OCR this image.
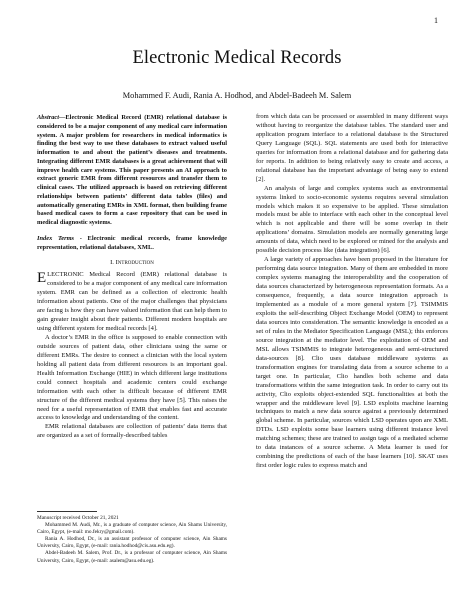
1
Electronic Medical Records
Mohammed F. Audi, Rania A. Hodhod, and Abdel-Badeeh M. Salem
Abstract—Electronic Medical Record (EMR) relational database is considered to be a major component of any medical care information system. A major problem for researchers in medical informatics is finding the best way to use these databases to extract valued useful information to and about the patient’s diseases and treatments. Integrating different EMR databases is a great achievement that will improve health care systems. This paper presents an AI approach to extract generic EMR from different resources and transfer them to clinical cases. The utilized approach is based on retrieving different relationships between patients’ different data tables (files) and automatically generating EMRs in XML format, then building frame based medical cases to form a case repository that can be used in medical diagnostic systems.
Index Terms - Electronic medical records, frame knowledge representation, relational databases, XML.
I. Introduction

ELECTRONIC Medical Record (EMR) relational database is considered to be a major component of any medical care information system. EMR can be defined as a collection of electronic health information about patients. One of the major challenges that physicians are facing is how they can have valued information that can help them to gain greater insight about their patients. Different modern hospitals are using different system for medical records [4].

A doctor’s EMR in the office is supposed to enable connection with outside sources of patient data, other clinicians using the same or different EMRs. The desire to connect a clinician with the local system holding all patient data from different resources is an important goal. Health Information Exchange (HIE) in which different large institutions could connect hospitals and academic centers could exchange information with each other is difficult because of different EMR structure of the different medical systems they have [5]. This raises the need for a useful representation of EMR that enables fast and accurate access to knowledge and understanding of the content.

EMR relational databases are collection of patients’ data items that are organized as a set of formally-described tables

Manuscript received October 21, 2021

Mohammed M. Audi, Mr., is a graduate of computer science, Ain Shams University, Cairo, Egypt, (e-mail: mo.fekry@gmail.com).

Rania A. Hodhod, Dr., is an assistant professor of computer science, Ain Shams University, Cairo, Egypt, (e-mail: rania.hodhod@cis.asu.edu.eg).

Abdel-Badeeh M. Salem, Prof. Dr., is a professor of computer science, Ain Shams University, Cairo, Egypt, (e-mail: asalem@asu.edu.eg).

from which data can be processed or assembled in many different ways without having to reorganize the database tables. The standard user and application program interface to a relational database is the Structured Query Language (SQL). SQL statements are used both for interactive queries for information from a relational database and for gathering data for reports. In addition to being relatively easy to create and access, a relational database has the important advantage of being easy to extend [2].

An analysis of large and complex systems such as environmental systems linked to socio-economic systems requires several simulation models which makes it so expensive to be applied. These simulation models must be able to interface with each other in the conceptual level which is not applicable and there will be some overlap in their applications’ domains. Simulation models are normally generating large amounts of data, which need to be explored or mined for the analysis and possible decision process like (data integration) [6].

A large variety of approaches have been proposed in the literature for performing data source integration. Many of them are embedded in more complex systems managing the interoperability and the cooperation of data sources characterized by heterogeneous representation formats. As a consequence, frequently, a data source integration approach is implemented as a module of a more general system [7]. TSIMMIS exploits the self-describing Object Exchange Model (OEM) to represent data sources into consideration. The semantic knowledge is encoded as a set of rules in the Mediator Specification Language (MSL); this enforces source integration at the mediator level. The exploitation of OEM and MSL allows TSIMMIS to integrate heterogeneous and semi-structured data-sources [8]. Clio uses database middleware systems as transformation engines for translating data from a source scheme to a target one. In particular, Clio handles both scheme and data transformations within the same integration task. In order to carry out its activity, Clio exploits object-extended SQL functionalities at both the wrapper and the middleware level [9]. LSD exploits machine learning techniques to match a new data source against a previously determined global scheme. In particular, sources which LSD operates upon are XML DTDs. LSD exploits some base learners using different instance level matching schemes; these are trained to assign tags of a mediated scheme to data instances of a source scheme. A Meta learner is used for combining the predictions of each of the base learners [10]. SKAT uses first order logic rules to express match and
